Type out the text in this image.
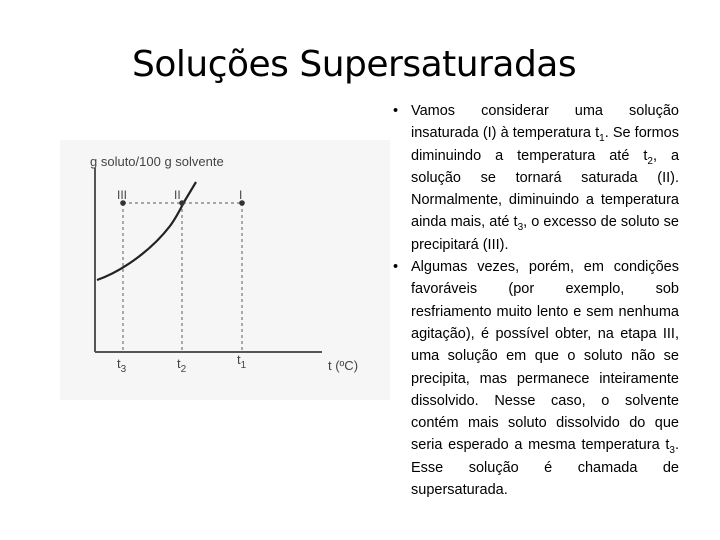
Soluções Supersaturadas
g soluto/100 g solvente
III	II	I
$t_3$	$t_2$
$t_1$	t (ºC)
• Vamos considerar uma solução insaturada (I) à temperatura $t_1$. Se formos diminuindo a temperatura até $t_2$, a solução se tornará saturada (II). Normalmente, diminuindo a temperatura ainda mais, até $t_3$, o excesso de soluto se precipitará (III).
• Algumas vezes, porém, em condições favoráveis (por exemplo, sob resfriamento muito lento e sem nenhuma agitação), é possível obter, na etapa III, uma solução em que o soluto não se precipita, mas permanece inteiramente dissolvido. Nesse caso, o solvente contém mais soluto dissolvido do que seria esperado a mesma temperatura $t_3$. Esse solução é chamada de supersaturada.
